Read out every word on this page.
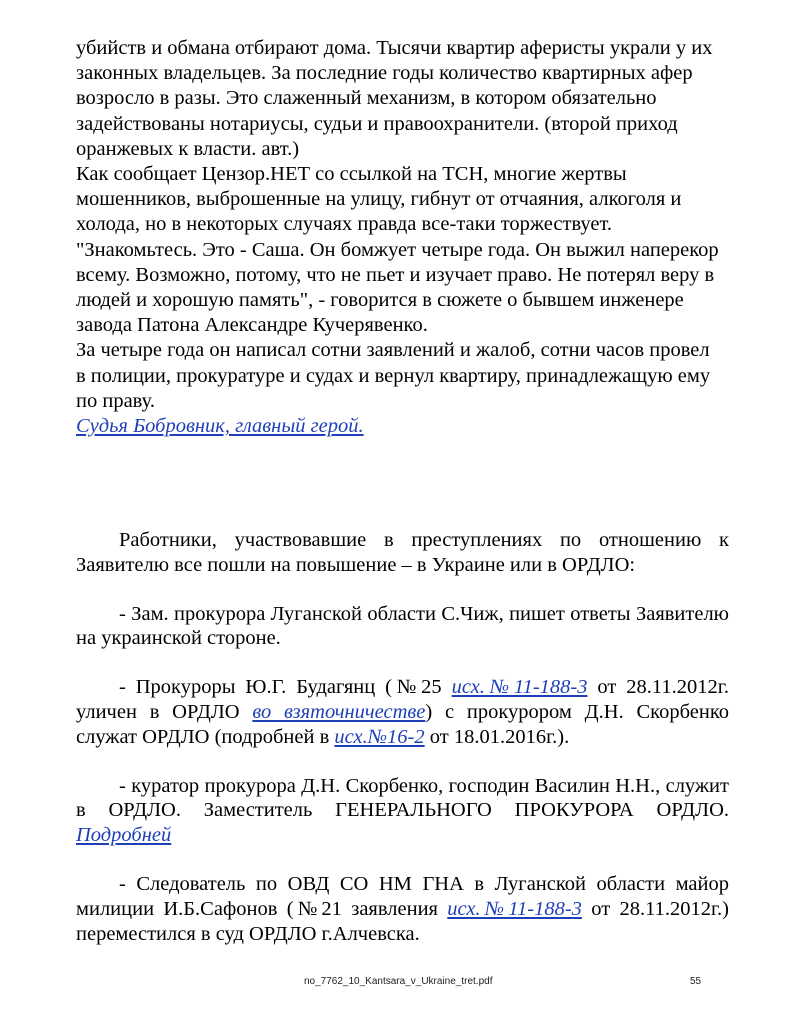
убийств и обмана отбирают дома. Тысячи квартир аферисты украли у их
законных владельцев. За последние годы количество квартирных афер
возросло в разы. Это слаженный механизм, в котором обязательно
задействованы нотариусы, судьи и правоохранители. (второй приход
оранжевых к власти. авт.)
Как сообщает Цензор.НЕТ со ссылкой на ТСН, многие жертвы
мошенников, выброшенные на улицу, гибнут от отчаяния, алкоголя и
холода, но в некоторых случаях правда все-таки торжествует.
"Знакомьтесь. Это - Саша. Он бомжует четыре года. Он выжил наперекор
всему. Возможно, потому, что не пьет и изучает право. Не потерял веру в
людей и хорошую память", - говорится в сюжете о бывшем инженере
завода Патона Александре Кучерявенко.
За четыре года он написал сотни заявлений и жалоб, сотни часов провел
в полиции, прокуратуре и судах и вернул квартиру, принадлежащую ему
по праву.
Судья Бобровник, главный герой.

Работники, участвовавшие в преступлениях по отношению к Заявителю все пошли на повышение – в Украине или в ОРДЛО:

- Зам. прокурора Луганской области С.Чиж, пишет ответы Заявителю на украинской стороне.

- Прокуроры Ю.Г. Будагянц (№25 исх.№11-188-3 от 28.11.2012г. уличен в ОРДЛО во взяточничестве) с прокурором Д.Н. Скорбенко служат ОРДЛО (подробней в исх.№16-2 от 18.01.2016г.).

- куратор прокурора Д.Н. Скорбенко, господин Василин Н.Н., служит в ОРДЛО. Заместитель ГЕНЕРАЛЬНОГО ПРОКУРОРА ОРДЛО. Подробней

- Следователь по ОВД СО НМ ГНА в Луганской области майор милиции И.Б.Сафонов (№21 заявления исх.№11-188-3 от 28.11.2012г.) переместился в суд ОРДЛО г.Алчевска.

no_7762_10_Kantsara_v_Ukraine_tret.pdf	55
